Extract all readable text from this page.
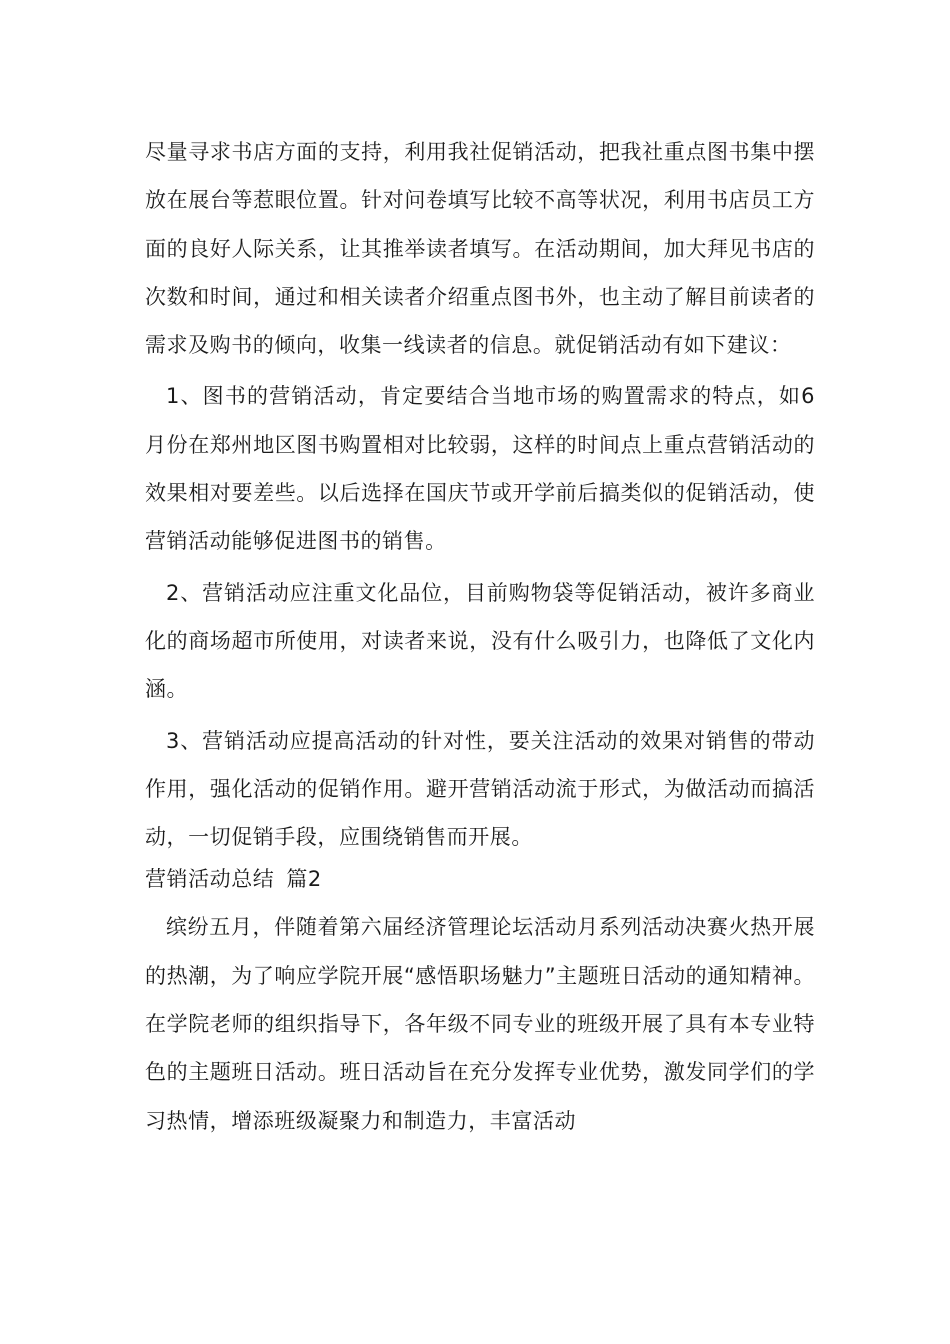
尽量寻求书店方面的支持，利用我社促销活动，把我社重点图书集中摆放在展台等惹眼位置。针对问卷填写比较不高等状况，利用书店员工方面的良好人际关系，让其推举读者填写。在活动期间，加大拜见书店的次数和时间，通过和相关读者介绍重点图书外，也主动了解目前读者的需求及购书的倾向，收集一线读者的信息。就促销活动有如下建议：

1、图书的营销活动，肯定要结合当地市场的购置需求的特点，如6月份在郑州地区图书购置相对比较弱，这样的时间点上重点营销活动的效果相对要差些。以后选择在国庆节或开学前后搞类似的促销活动，使营销活动能够促进图书的销售。

2、营销活动应注重文化品位，目前购物袋等促销活动，被许多商业化的商场超市所使用，对读者来说，没有什么吸引力，也降低了文化内涵。

3、营销活动应提高活动的针对性，要关注活动的效果对销售的带动作用，强化活动的促销作用。避开营销活动流于形式，为做活动而搞活动，一切促销手段，应围绕销售而开展。

营销活动总结 篇2

缤纷五月，伴随着第六届经济管理论坛活动月系列活动决赛火热开展的热潮，为了响应学院开展“感悟职场魅力”主题班日活动的通知精神。在学院老师的组织指导下，各年级不同专业的班级开展了具有本专业特色的主题班日活动。班日活动旨在充分发挥专业优势，激发同学们的学习热情，增添班级凝聚力和制造力，丰富活动
